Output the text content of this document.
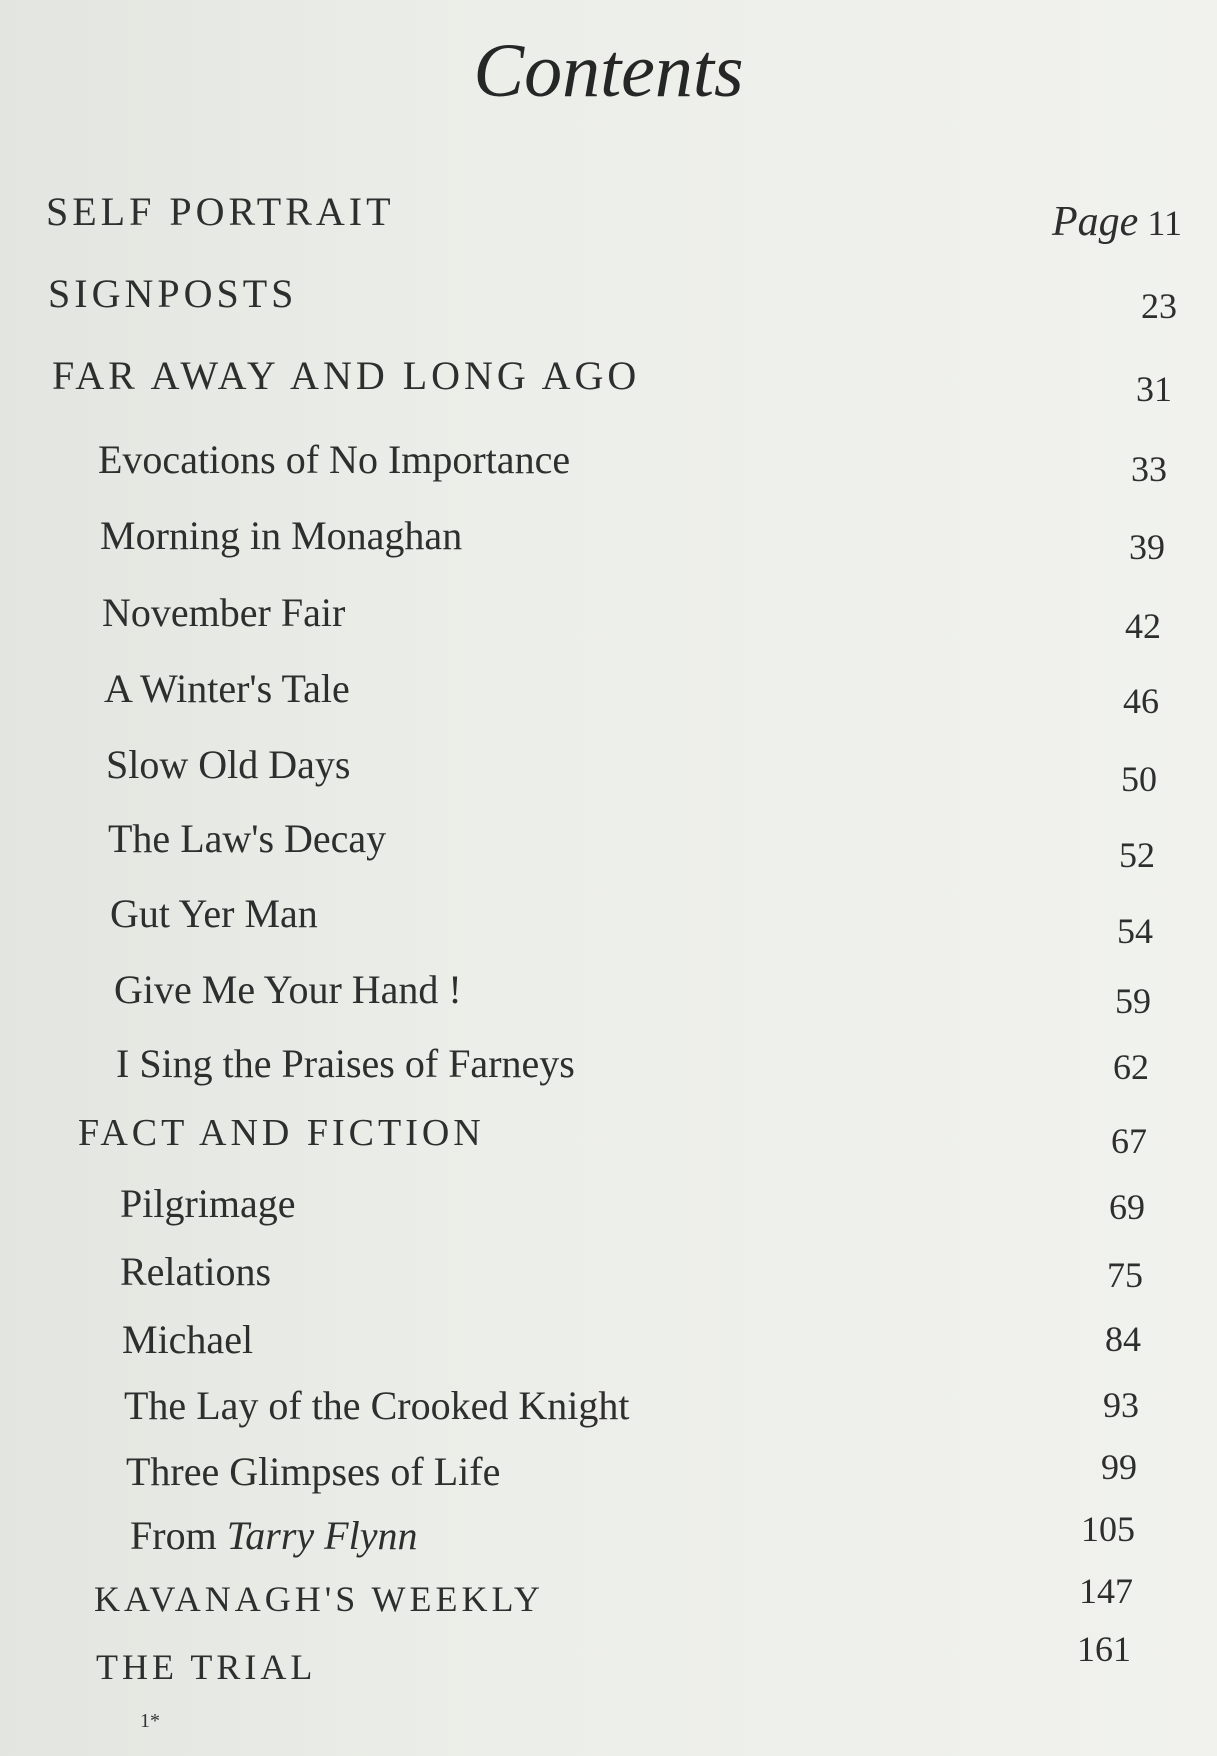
Contents
SELF PORTRAIT	Page 11
SIGNPOSTS	23
FAR AWAY AND LONG AGO	31
Evocations of No Importance	33
Morning in Monaghan	39
November Fair	42
A Winter's Tale	46
Slow Old Days	50
The Law's Decay	52
Gut Yer Man	54
Give Me Your Hand !	59
I Sing the Praises of Farneys	62
FACT AND FICTION	67
Pilgrimage	69
Relations	75
Michael	84
The Lay of the Crooked Knight	93
Three Glimpses of Life	99
From Tarry Flynn	105
KAVANAGH'S WEEKLY	147
THE TRIAL	161
1*
